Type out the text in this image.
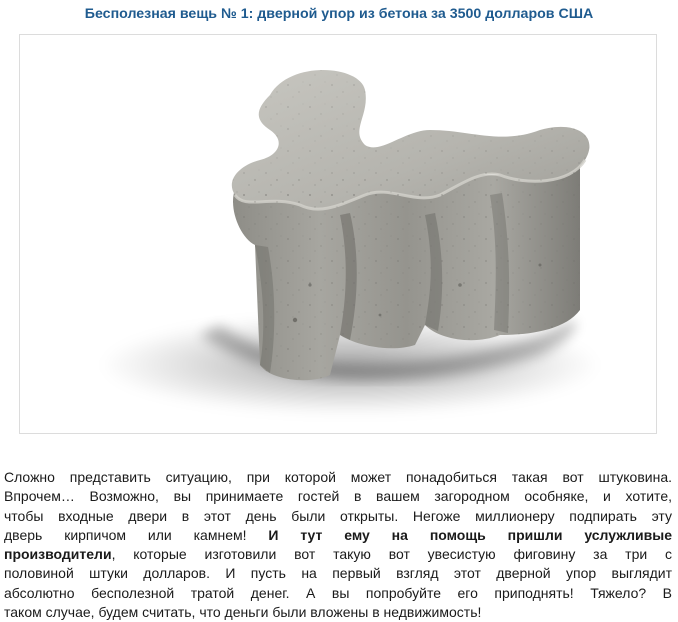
Бесполезная вещь № 1: дверной упор из бетона за 3500 долларов США
Сложно представить ситуацию, при которой может понадобиться такая вот штуковина.
Впрочем… Возможно, вы принимаете гостей в вашем загородном особняке, и хотите,
чтобы входные двери в этот день были открыты. Негоже миллионеру подпирать эту
дверь кирпичом или камнем! И тут ему на помощь пришли услужливые
производители, которые изготовили вот такую вот увесистую фиговину за три с
половиной штуки долларов. И пусть на первый взгляд этот дверной упор выглядит
абсолютно бесполезной тратой денег. А вы попробуйте его приподнять! Тяжело? В
таком случае, будем считать, что деньги были вложены в недвижимость!
